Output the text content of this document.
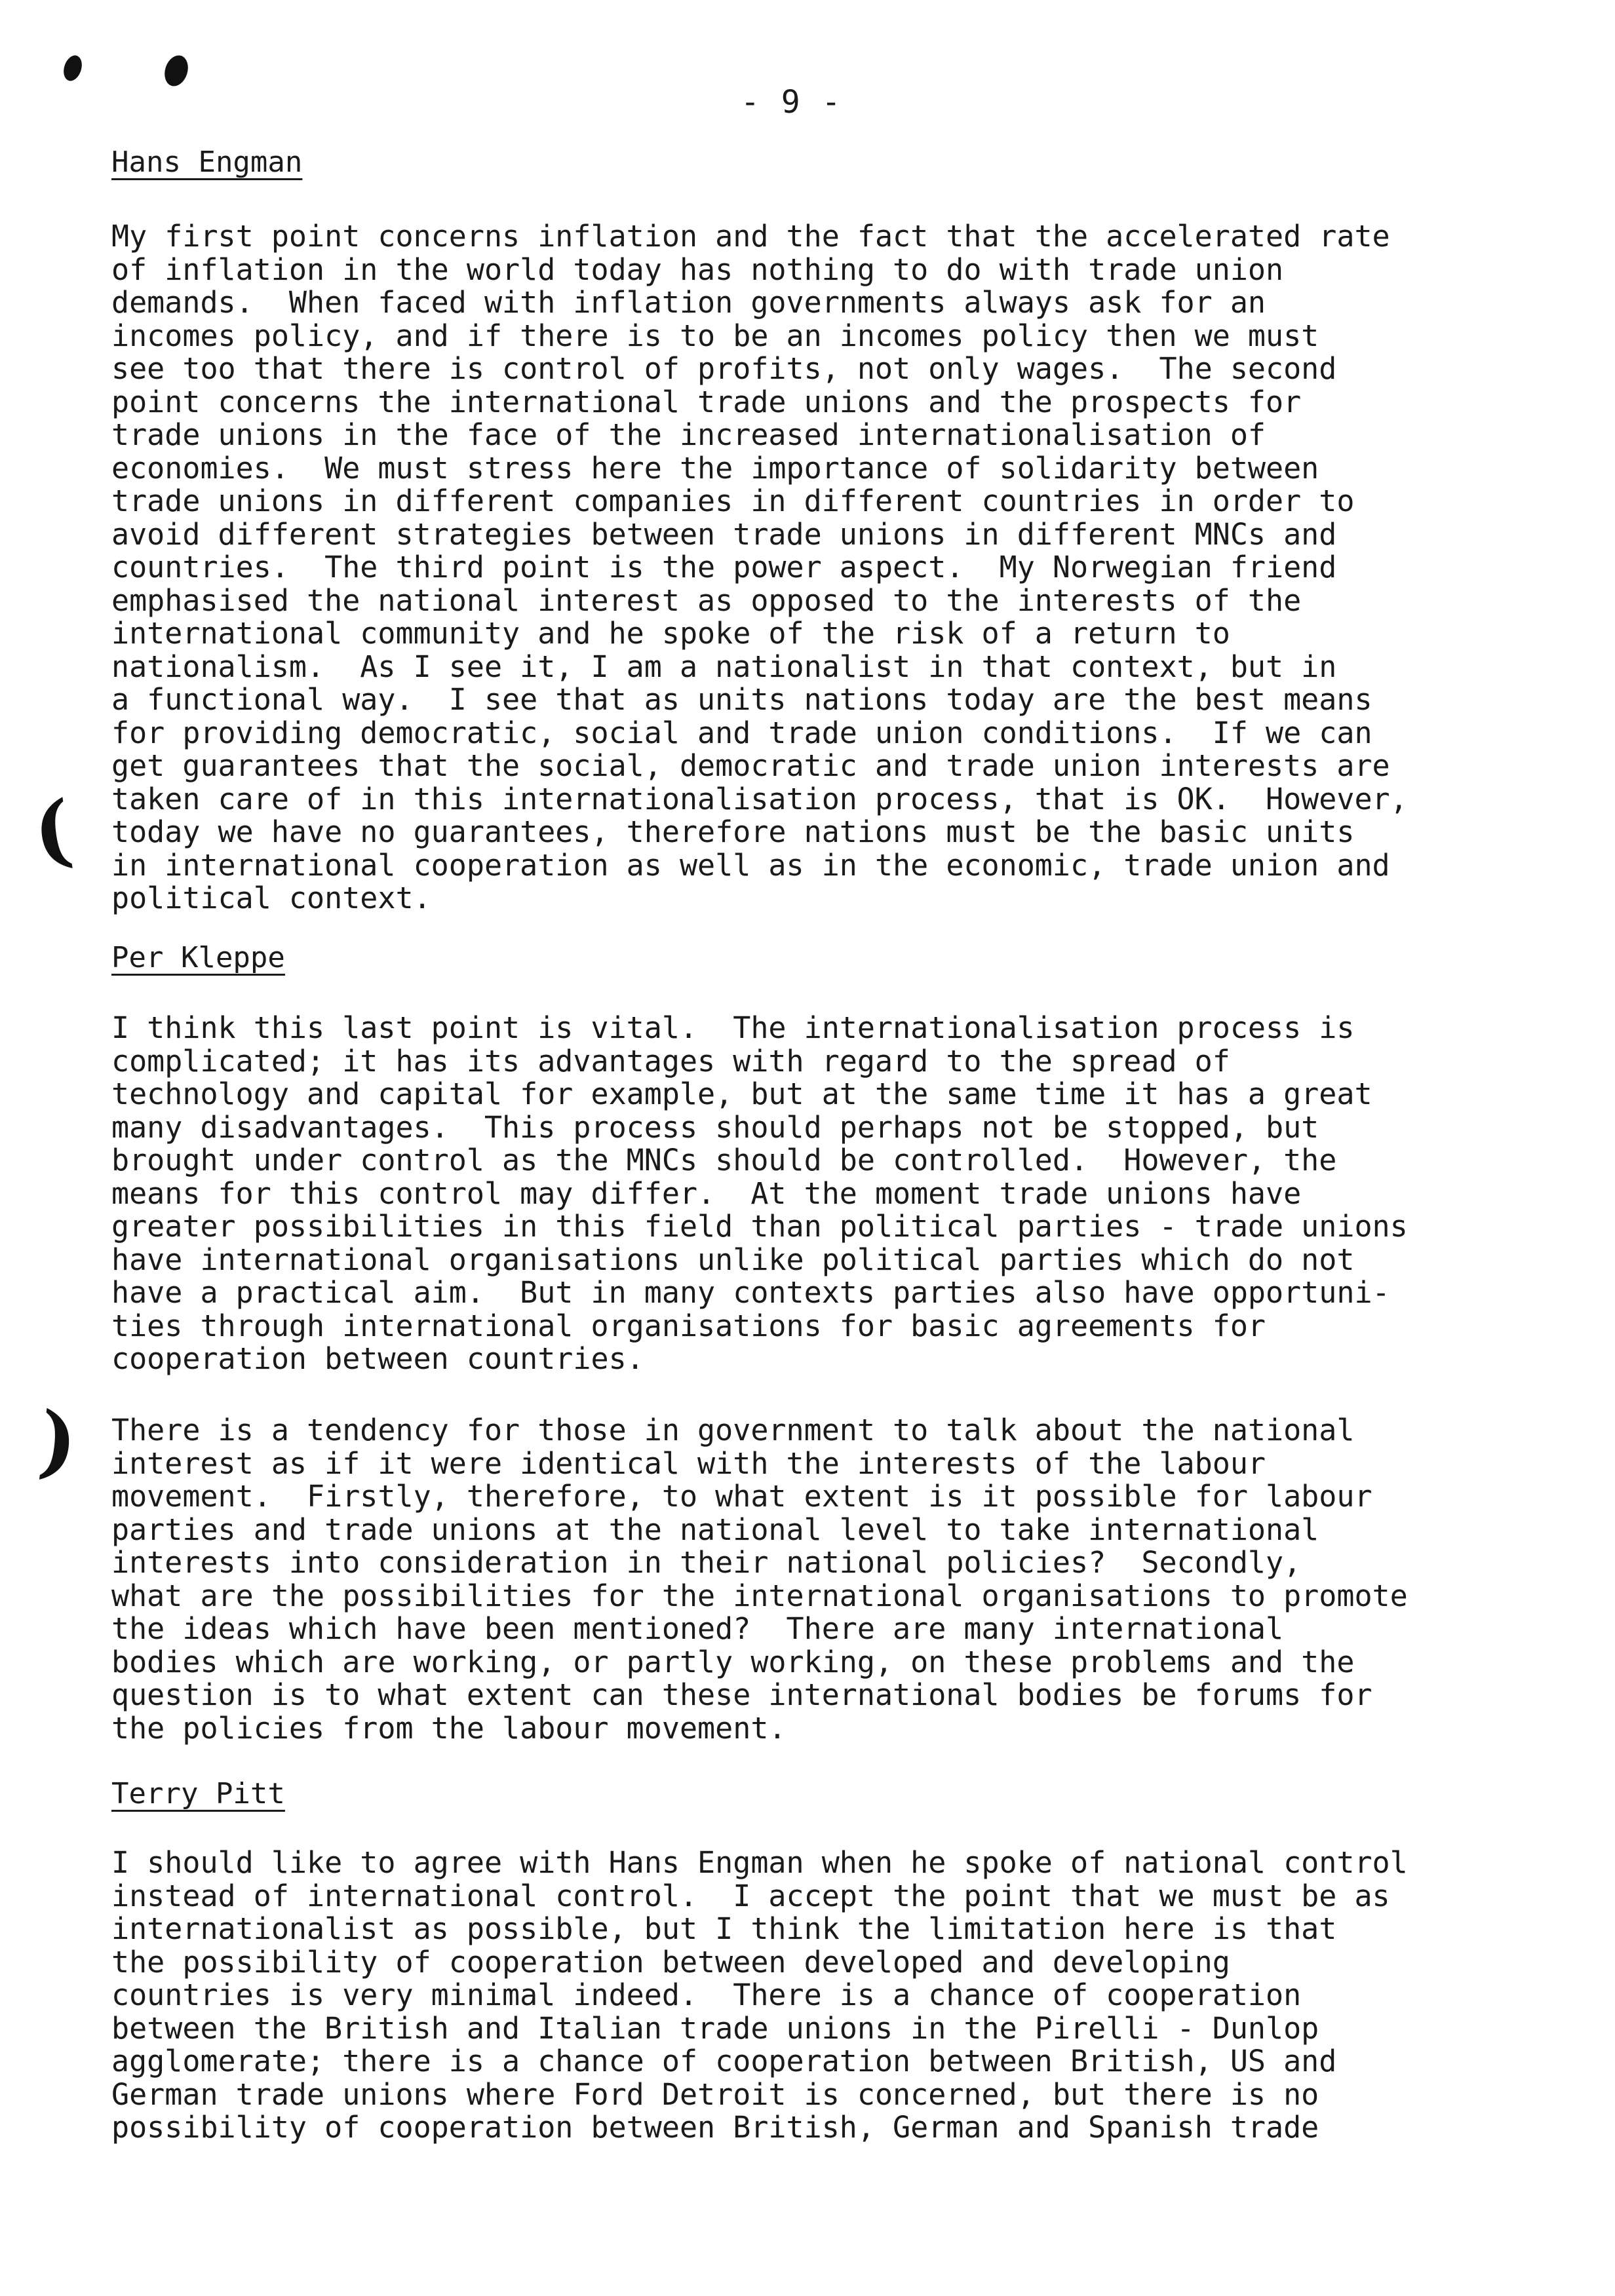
- 9 -
Hans Engman

My first point concerns inflation and the fact that the accelerated rate
of inflation in the world today has nothing to do with trade union
demands.  When faced with inflation governments always ask for an
incomes policy, and if there is to be an incomes policy then we must
see too that there is control of profits, not only wages.  The second
point concerns the international trade unions and the prospects for
trade unions in the face of the increased internationalisation of
economies.  We must stress here the importance of solidarity between
trade unions in different companies in different countries in order to
avoid different strategies between trade unions in different MNCs and
countries.  The third point is the power aspect.  My Norwegian friend
emphasised the national interest as opposed to the interests of the
international community and he spoke of the risk of a return to
nationalism.  As I see it, I am a nationalist in that context, but in
a functional way.  I see that as units nations today are the best means
for providing democratic, social and trade union conditions.  If we can
get guarantees that the social, democratic and trade union interests are
taken care of in this internationalisation process, that is OK.  However,
today we have no guarantees, therefore nations must be the basic units
in international cooperation as well as in the economic, trade union and
political context.

Per Kleppe

I think this last point is vital.  The internationalisation process is
complicated; it has its advantages with regard to the spread of
technology and capital for example, but at the same time it has a great
many disadvantages.  This process should perhaps not be stopped, but
brought under control as the MNCs should be controlled.  However, the
means for this control may differ.  At the moment trade unions have
greater possibilities in this field than political parties - trade unions
have international organisations unlike political parties which do not
have a practical aim.  But in many contexts parties also have opportuni-
ties through international organisations for basic agreements for
cooperation between countries.

There is a tendency for those in government to talk about the national
interest as if it were identical with the interests of the labour
movement.  Firstly, therefore, to what extent is it possible for labour
parties and trade unions at the national level to take international
interests into consideration in their national policies?  Secondly,
what are the possibilities for the international organisations to promote
the ideas which have been mentioned?  There are many international
bodies which are working, or partly working, on these problems and the
question is to what extent can these international bodies be forums for
the policies from the labour movement.

Terry Pitt

I should like to agree with Hans Engman when he spoke of national control
instead of international control.  I accept the point that we must be as
internationalist as possible, but I think the limitation here is that
the possibility of cooperation between developed and developing
countries is very minimal indeed.  There is a chance of cooperation
between the British and Italian trade unions in the Pirelli - Dunlop
agglomerate; there is a chance of cooperation between British, US and
German trade unions where Ford Detroit is concerned, but there is no
possibility of cooperation between British, German and Spanish trade

(
)
